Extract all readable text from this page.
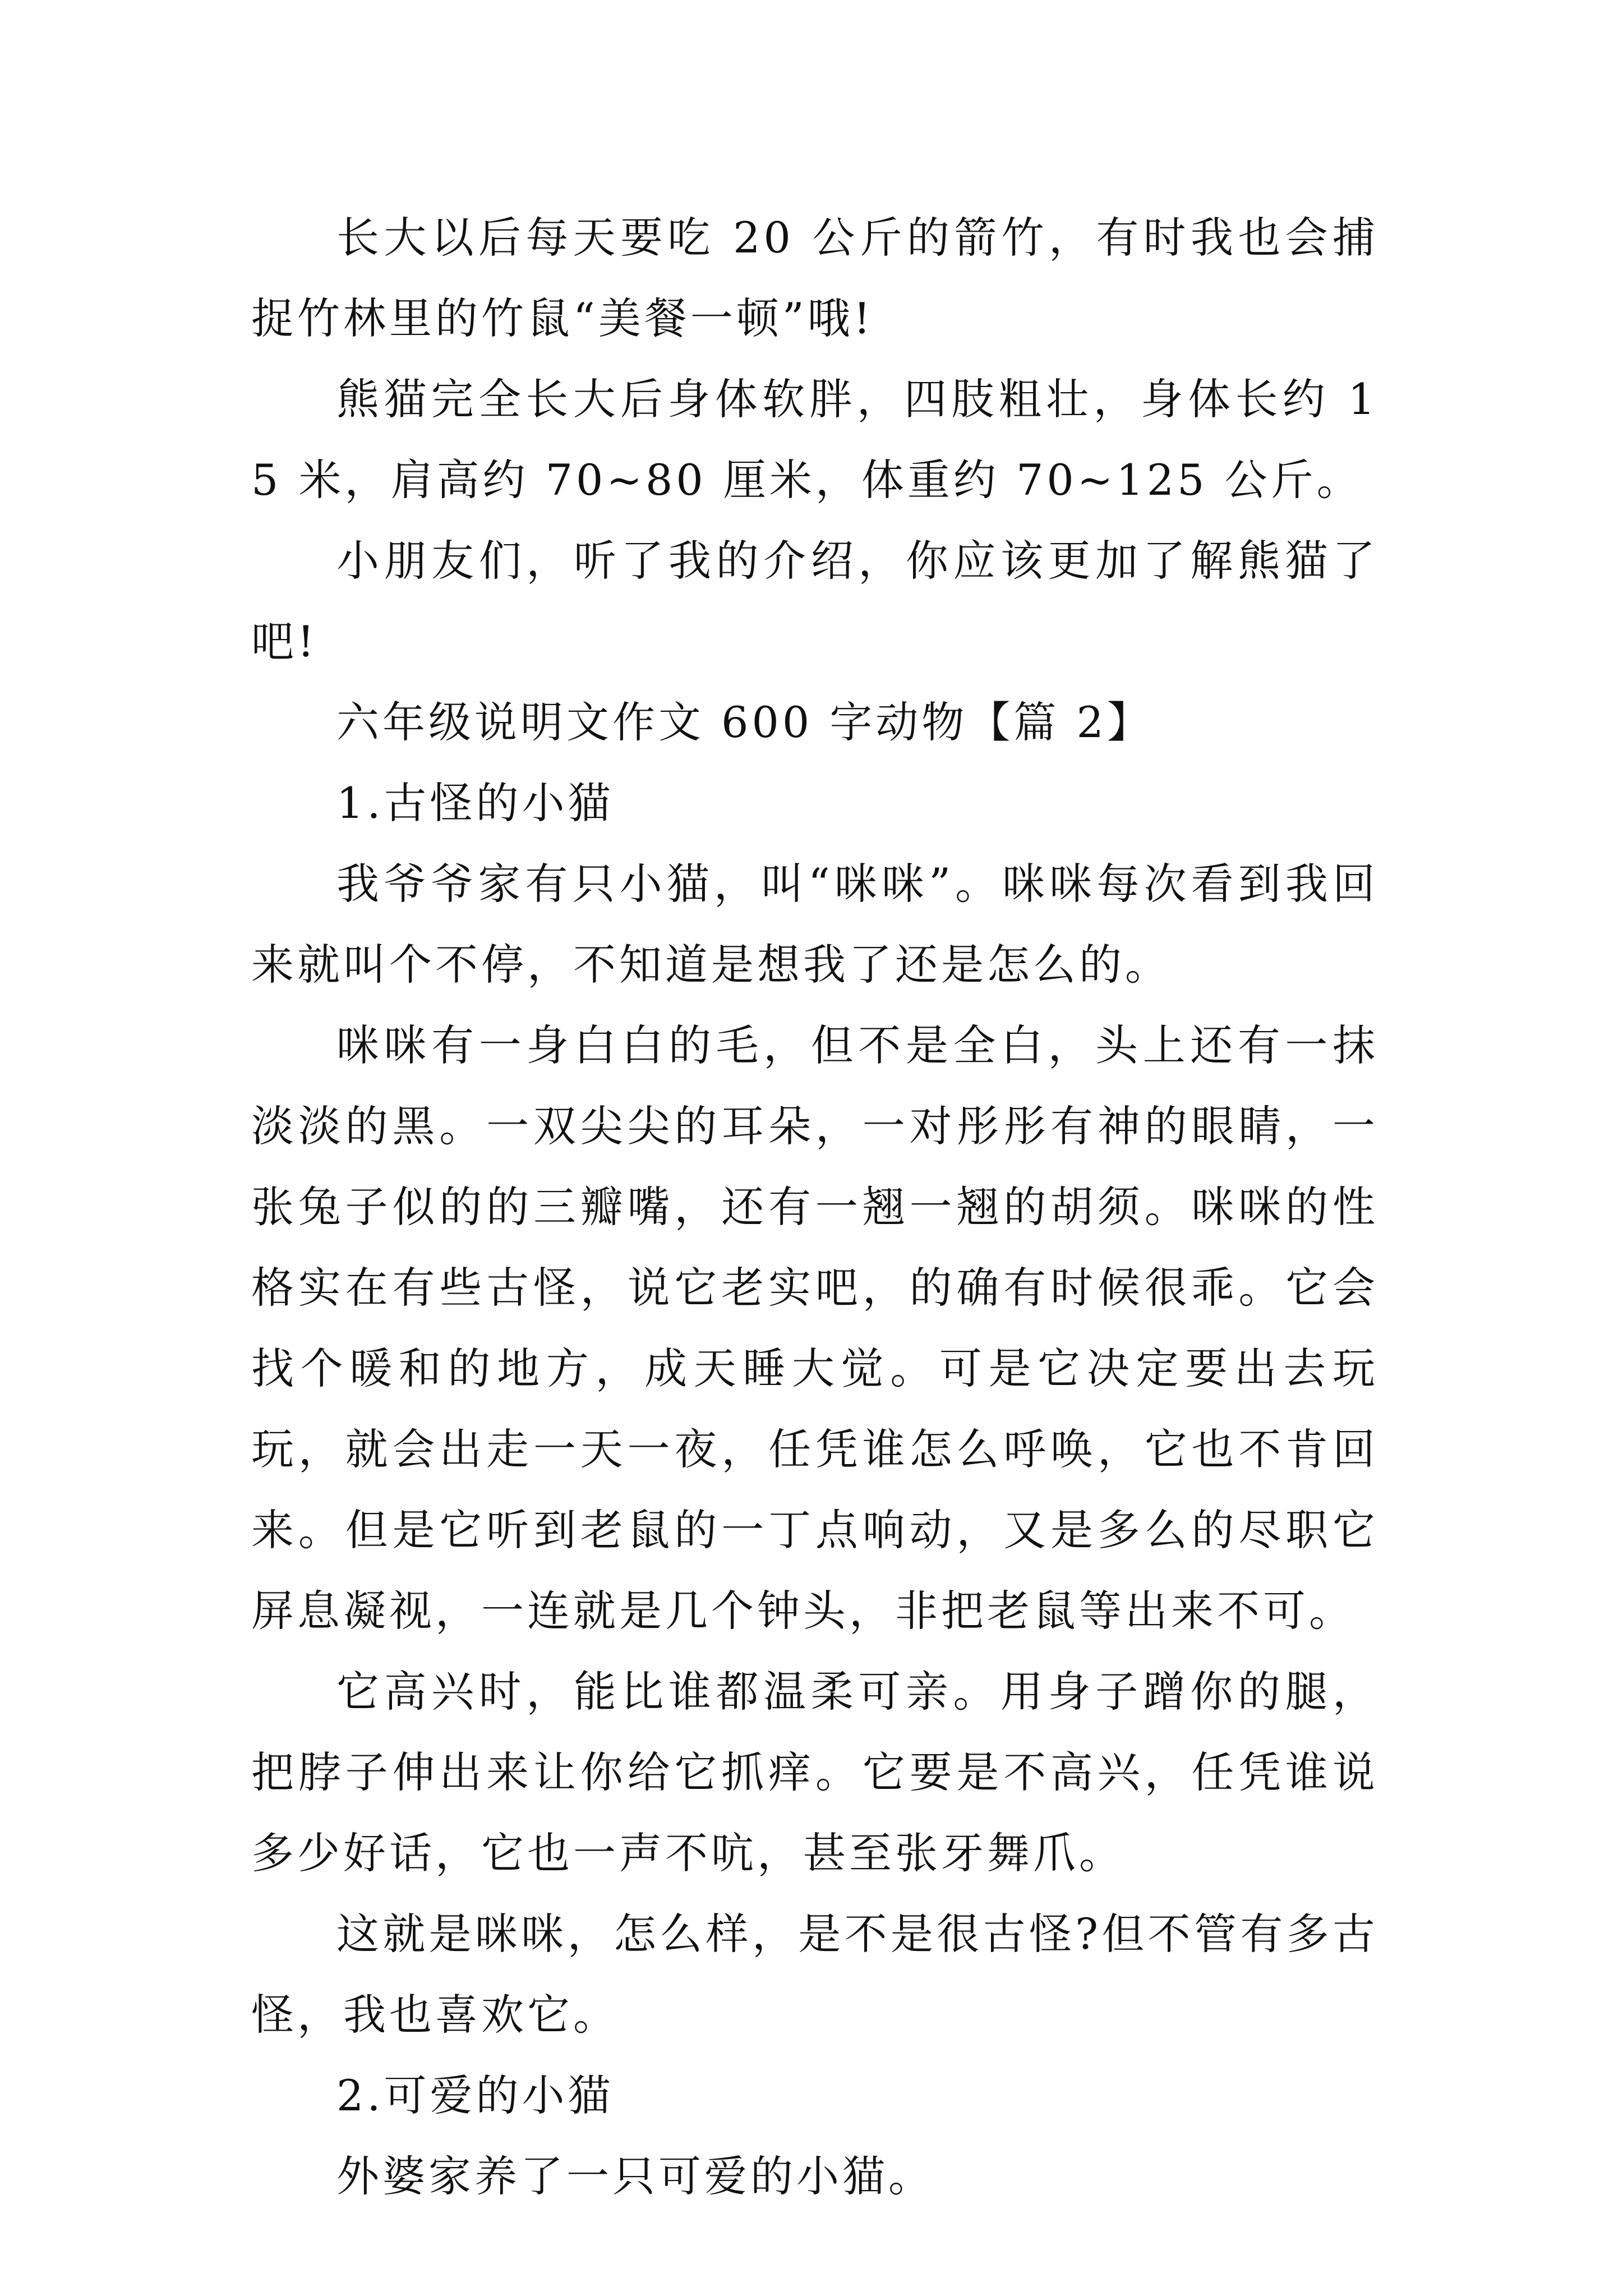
长大以后每天要吃 20 公斤的箭竹，有时我也会捕捉竹林里的竹鼠“美餐一顿”哦!

熊猫完全长大后身体软胖，四肢粗壮，身体长约 15 米，肩高约 70~80 厘米，体重约 70~125 公斤。

小朋友们，听了我的介绍，你应该更加了解熊猫了吧!

六年级说明文作文 600 字动物【篇 2】

1.古怪的小猫

我爷爷家有只小猫，叫“咪咪”。咪咪每次看到我回来就叫个不停，不知道是想我了还是怎么的。

咪咪有一身白白的毛，但不是全白，头上还有一抹淡淡的黑。一双尖尖的耳朵，一对彤彤有神的眼睛，一张兔子似的的三瓣嘴，还有一翘一翘的胡须。咪咪的性格实在有些古怪，说它老实吧，的确有时候很乖。它会找个暖和的地方，成天睡大觉。可是它决定要出去玩玩，就会出走一天一夜，任凭谁怎么呼唤，它也不肯回来。但是它听到老鼠的一丁点响动，又是多么的尽职它屏息凝视，一连就是几个钟头，非把老鼠等出来不可。

它高兴时，能比谁都温柔可亲。用身子蹭你的腿，把脖子伸出来让你给它抓痒。它要是不高兴，任凭谁说多少好话，它也一声不吭，甚至张牙舞爪。

这就是咪咪，怎么样，是不是很古怪?但不管有多古怪，我也喜欢它。

2.可爱的小猫

外婆家养了一只可爱的小猫。
